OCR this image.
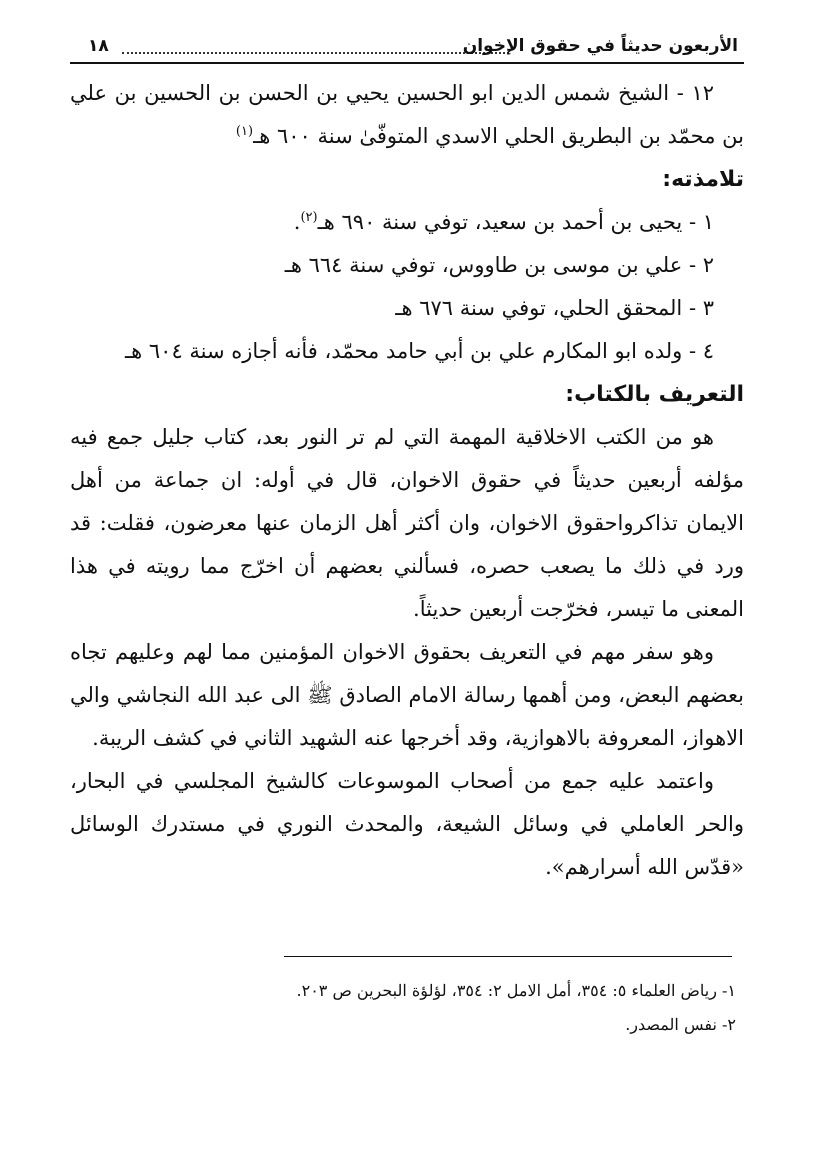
١٨	الأربعون حديثاً في حقوق الإخوان

١٢ - الشيخ شمس الدين ابو الحسين يحيي بن الحسن بن الحسين بن علي بن محمّد بن البطريق الحلي الاسدي المتوفّىٰ سنة ٦٠٠ هـ$^{(١)}$

تلامذته:

١ - يحيى بن أحمد بن سعيد، توفي سنة ٦٩٠ هـ$^{(٢)}$.

٢ - علي بن موسى بن طاووس، توفي سنة ٦٦٤ هـ

٣ - المحقق الحلي، توفي سنة ٦٧٦ هـ

٤ - ولده ابو المكارم علي بن أبي حامد محمّد، فأنه أجازه سنة ٦٠٤ هـ

التعريف بالكتاب:

هو من الكتب الاخلاقية المهمة التي لم تر النور بعد، كتاب جليل جمع فيه مؤلفه أربعين حديثاً في حقوق الاخوان، قال في أوله: ان جماعة من أهل الايمان تذاكرواحقوق الاخوان، وان أكثر أهل الزمان عنها معرضون، فقلت: قد ورد في ذلك ما يصعب حصره، فسألني بعضهم أن اخرّج مما رويته في هذا المعنى ما تيسر، فخرّجت أربعين حديثاً.

وهو سفر مهم في التعريف بحقوق الاخوان المؤمنين مما لهم وعليهم تجاه بعضهم البعض، ومن أهمها رسالة الامام الصادق ﷺ الى عبد الله النجاشي والي الاهواز، المعروفة بالاهوازية، وقد أخرجها عنه الشهيد الثاني في كشف الريبة.

واعتمد عليه جمع من أصحاب الموسوعات كالشيخ المجلسي في البحار، والحر العاملي في وسائل الشيعة، والمحدث النوري في مستدرك الوسائل «قدّس الله أسرارهم».

١- رياض العلماء ٥: ٣٥٤، أمل الامل ٢: ٣٥٤، لؤلؤة البحرين ص ٢٠٣.

٢- نفس المصدر.
